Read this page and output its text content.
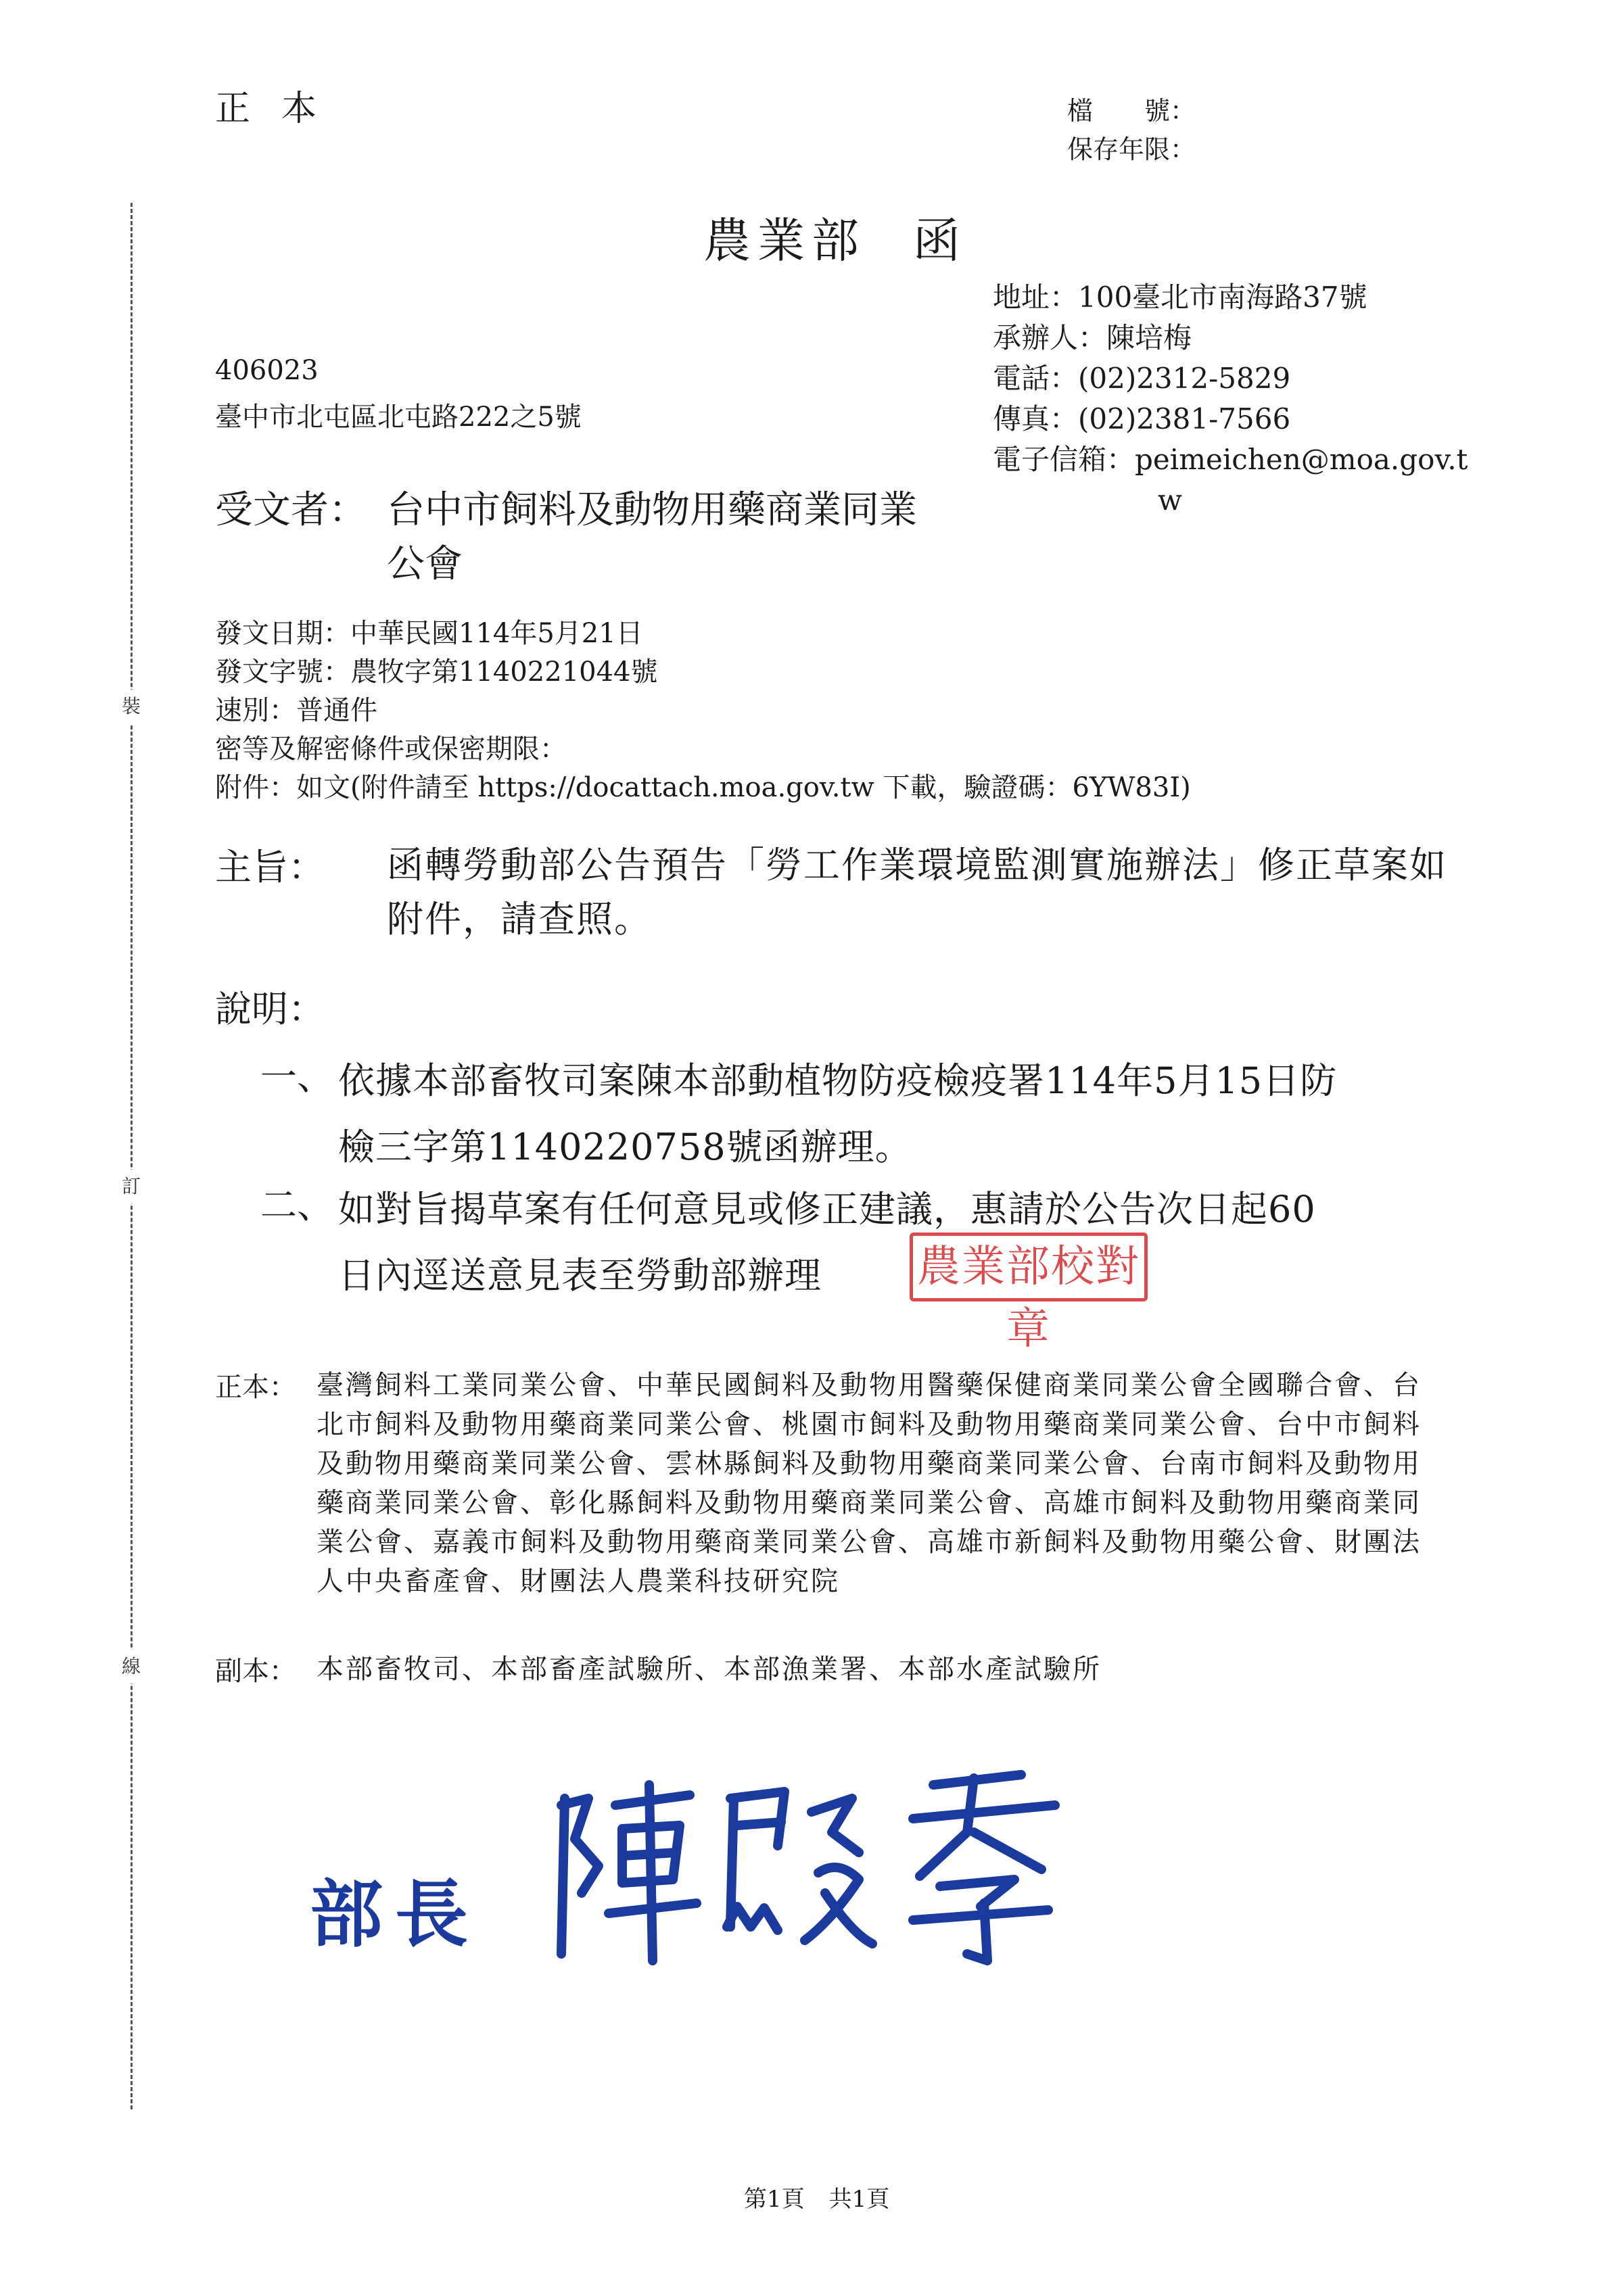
裝
訂
線
正本	檔　　號：
保存年限：
農業部 函
地址：100臺北市南海路37號
承辦人：陳培梅
電話：(02)2312-5829
傳真：(02)2381-7566
電子信箱：peimeichen@moa.gov.t
w
406023
臺中市北屯區北屯路222之5號
受文者： 台中市飼料及動物用藥商業同業
公會
發文日期：中華民國114年5月21日
發文字號：農牧字第1140221044號
速別：普通件
密等及解密條件或保密期限：
附件：如文(附件請至 https://docattach.moa.gov.tw 下載，驗證碼：6YW83I)
主旨： 函轉勞動部公告預告「勞工作業環境監測實施辦法」修正草案如附件，請查照。
說明：
一、 依據本部畜牧司案陳本部動植物防疫檢疫署114年5月15日防
檢三字第1140220758號函辦理。
二、 如對旨揭草案有任何意見或修正建議，惠請於公告次日起60
日內逕送意見表至勞動部辦理	農業部校對章
正本： 臺灣飼料工業同業公會、中華民國飼料及動物用醫藥保健商業同業公會全國聯合會、台北市飼料及動物用藥商業同業公會、桃園市飼料及動物用藥商業同業公會、台中市飼料及動物用藥商業同業公會、雲林縣飼料及動物用藥商業同業公會、台南市飼料及動物用藥商業同業公會、彰化縣飼料及動物用藥商業同業公會、高雄市飼料及動物用藥商業同業公會、嘉義市飼料及動物用藥商業同業公會、高雄市新飼料及動物用藥公會、財團法人中央畜產會、財團法人農業科技研究院
副本： 本部畜牧司、本部畜產試驗所、本部漁業署、本部水產試驗所
部長
第1頁 共1頁
